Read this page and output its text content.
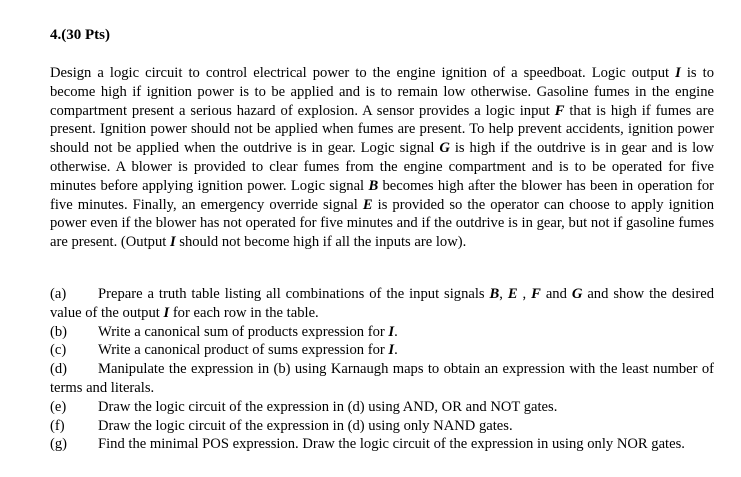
4.(30 Pts)
Design a logic circuit to control electrical power to the engine ignition of a speedboat. Logic output I is to become high if ignition power is to be applied and is to remain low otherwise. Gasoline fumes in the engine compartment present a serious hazard of explosion. A sensor provides a logic input F that is high if fumes are present. Ignition power should not be applied when fumes are present. To help prevent accidents, ignition power should not be applied when the outdrive is in gear. Logic signal G is high if the outdrive is in gear and is low otherwise. A blower is provided to clear fumes from the engine compartment and is to be operated for five minutes before applying ignition power. Logic signal B becomes high after the blower has been in operation for five minutes. Finally, an emergency override signal E is provided so the operator can choose to apply ignition power even if the blower has not operated for five minutes and if the outdrive is in gear, but not if gasoline fumes are present. (Output I should not become high if all the inputs are low).
(a) Prepare a truth table listing all combinations of the input signals B, E , F and G and show the desired value of the output I for each row in the table.
(b) Write a canonical sum of products expression for I.
(c) Write a canonical product of sums expression for I.
(d) Manipulate the expression in (b) using Karnaugh maps to obtain an expression with the least number of terms and literals.
(e) Draw the logic circuit of the expression in (d) using AND, OR and NOT gates.
(f) Draw the logic circuit of the expression in (d) using only NAND gates.
(g) Find the minimal POS expression. Draw the logic circuit of the expression in using only NOR gates.
